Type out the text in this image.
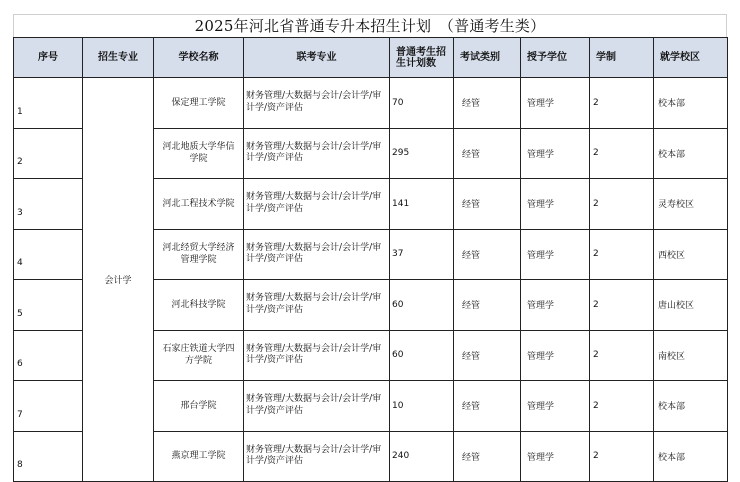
2025年河北省普通专升本招生计划　（普通考生类）
序号	招生专业	学校名称	联考专业	普通考生招生计划数	考试类别	授予学位	学制	就学校区
1	会计学	保定理工学院	财务管理/大数据与会计/会计学/审计学/资产评估	70	经管	管理学	2	校本部
2		河北地质大学华信学院	财务管理/大数据与会计/会计学/审计学/资产评估	295	经管	管理学	2	校本部
3		河北工程技术学院	财务管理/大数据与会计/会计学/审计学/资产评估	141	经管	管理学	2	灵寿校区
4		河北经贸大学经济管理学院	财务管理/大数据与会计/会计学/审计学/资产评估	37	经管	管理学	2	西校区
5		河北科技学院	财务管理/大数据与会计/会计学/审计学/资产评估	60	经管	管理学	2	唐山校区
6		石家庄铁道大学四方学院	财务管理/大数据与会计/会计学/审计学/资产评估	60	经管	管理学	2	南校区
7		邢台学院	财务管理/大数据与会计/会计学/审计学/资产评估	10	经管	管理学	2	校本部
8		燕京理工学院	财务管理/大数据与会计/会计学/审计学/资产评估	240	经管	管理学	2	校本部
